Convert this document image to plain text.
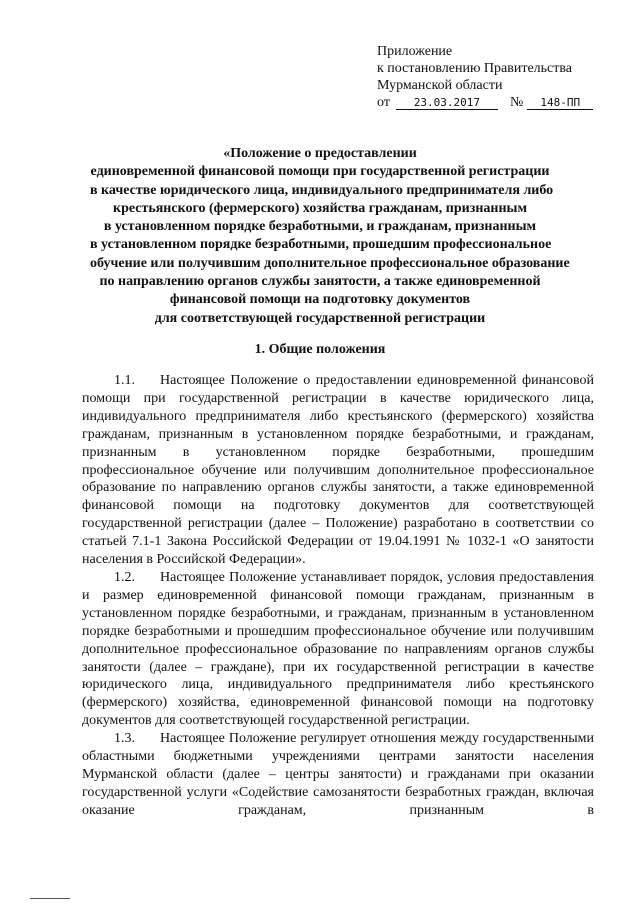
Приложение
к постановлению Правительства
Мурманской области
от 23.03.2017 № 148-ПП
«Положение о предоставлении
единовременной финансовой помощи при государственной регистрации
в качестве юридического лица, индивидуального предпринимателя либо
крестьянского (фермерского) хозяйства гражданам, признанным
в установленном порядке безработными, и гражданам, признанным
в установленном порядке безработными, прошедшим профессиональное
обучение или получившим дополнительное профессиональное образование
по направлению органов службы занятости, а также единовременной
финансовой помощи на подготовку документов
для соответствующей государственной регистрации
1. Общие положения

1.1. Настоящее Положение о предоставлении единовременной финансовой помощи при государственной регистрации в качестве юридического лица, индивидуального предпринимателя либо крестьянского (фермерского) хозяйства гражданам, признанным в установленном порядке безработными, и гражданам, признанным в установленном порядке безработными, прошедшим профессиональное обучение или получившим дополнительное профессиональное образование по направлению органов службы занятости, а также единовременной финансовой помощи на подготовку документов для соответствующей государственной регистрации (далее – Положение) разработано в соответствии со статьей 7.1-1 Закона Российской Федерации от 19.04.1991 № 1032-1 «О занятости населения в Российской Федерации».

1.2. Настоящее Положение устанавливает порядок, условия предоставления и размер единовременной финансовой помощи гражданам, признанным в установленном порядке безработными, и гражданам, признанным в установленном порядке безработными и прошедшим профессиональное обучение или получившим дополнительное профессиональное образование по направлениям органов службы занятости (далее – граждане), при их государственной регистрации в качестве юридического лица, индивидуального предпринимателя либо крестьянского (фермерского) хозяйства, единовременной финансовой помощи на подготовку документов для соответствующей государственной регистрации.

1.3. Настоящее Положение регулирует отношения между государственными областными бюджетными учреждениями центрами занятости населения Мурманской области (далее – центры занятости) и гражданами при оказании государственной услуги «Содействие самозанятости безработных граждан, включая оказание гражданам, признанным в
